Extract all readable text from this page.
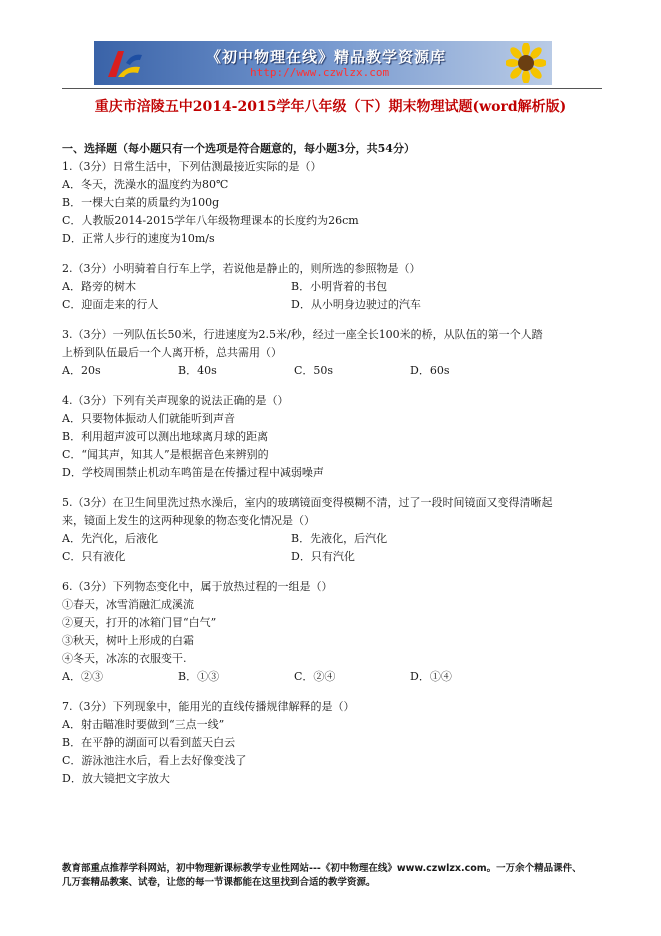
《初中物理在线》精品教学资源库
http://www.czwlzx.com
重庆市涪陵五中2014-2015学年八年级（下）期末物理试题(word解析版)
一、选择题（每小题只有一个选项是符合题意的，每小题3分，共54分）
1.（3分）日常生活中，下列估测最接近实际的是（）
A．冬天，洗澡水的温度约为80℃
B．一棵大白菜的质量约为100g
C．人教版2014-2015学年八年级物理课本的长度约为26cm
D．正常人步行的速度为10m/s
2.（3分）小明骑着自行车上学，若说他是静止的，则所选的参照物是（）
A．路旁的树木	B．小明背着的书包
C．迎面走来的行人	D．从小明身边驶过的汽车
3.（3分）一列队伍长50米，行进速度为2.5米/秒，经过一座全长100米的桥，从队伍的第一个人踏
上桥到队伍最后一个人离开桥，总共需用（）
A．20s	B．40s	C．50s	D．60s
4.（3分）下列有关声现象的说法正确的是（）
A．只要物体振动人们就能听到声音
B．利用超声波可以测出地球离月球的距离
C．“闻其声，知其人”是根据音色来辨别的
D．学校周围禁止机动车鸣笛是在传播过程中减弱噪声
5.（3分）在卫生间里洗过热水澡后，室内的玻璃镜面变得模糊不清，过了一段时间镜面又变得清晰起
来，镜面上发生的这两种现象的物态变化情况是（）
A．先汽化，后液化	B．先液化，后汽化
C．只有液化	D．只有汽化
6.（3分）下列物态变化中，属于放热过程的一组是（）
①春天，冰雪消融汇成溪流
②夏天，打开的冰箱门冒“白气”
③秋天，树叶上形成的白霜
④冬天，冰冻的衣服变干.
A．②③	B．①③	C．②④	D．①④
7.（3分）下列现象中，能用光的直线传播规律解释的是（）
A．射击瞄准时要做到“三点一线”
B．在平静的湖面可以看到蓝天白云
C．游泳池注水后，看上去好像变浅了
D．放大镜把文字放大
教育部重点推荐学科网站，初中物理新课标教学专业性网站---《初中物理在线》www.czwlzx.com。一万余个精品课件、
几万套精品教案、试卷，让您的每一节课都能在这里找到合适的教学资源。
